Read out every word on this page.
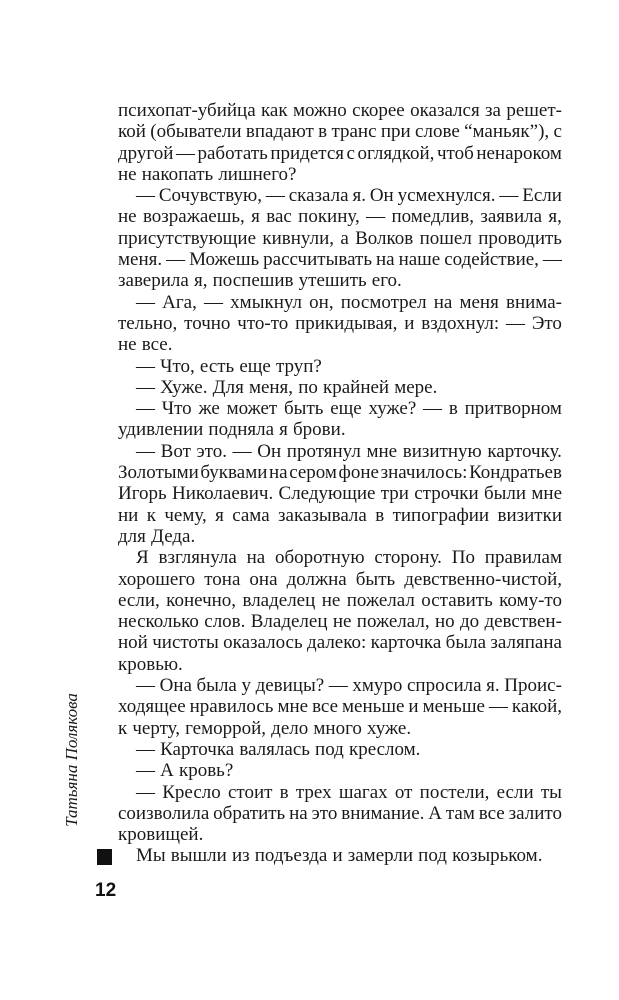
психопат-убийца как можно скорее оказался за решет-
кой (обыватели впадают в транс при слове “маньяк”), с
другой — работать придется с оглядкой, чтоб ненароком
не накопать лишнего?
— Сочувствую, — сказала я. Он усмехнулся. — Если
не возражаешь, я вас покину, — помедлив, заявила я,
присутствующие кивнули, а Волков пошел проводить
меня. — Можешь рассчитывать на наше содействие, —
заверила я, поспешив утешить его.
— Ага, — хмыкнул он, посмотрел на меня внима-
тельно, точно что-то прикидывая, и вздохнул: — Это
не все.
— Что, есть еще труп?
— Хуже. Для меня, по крайней мере.
— Что же может быть еще хуже? — в притворном
удивлении подняла я брови.
— Вот это. — Он протянул мне визитную карточку.
Золотыми буквами на сером фоне значилось: Кондратьев
Игорь Николаевич. Следующие три строчки были мне
ни к чему, я сама заказывала в типографии визитки
для Деда.
Я взглянула на оборотную сторону. По правилам
хорошего тона она должна быть девственно-чистой,
если, конечно, владелец не пожелал оставить кому-то
несколько слов. Владелец не пожелал, но до девствен-
ной чистоты оказалось далеко: карточка была заляпана
кровью.
— Она была у девицы? — хмуро спросила я. Проис-
ходящее нравилось мне все меньше и меньше — какой,
к черту, геморрой, дело много хуже.
— Карточка валялась под креслом.
— А кровь?
— Кресло стоит в трех шагах от постели, если ты
соизволила обратить на это внимание. А там все залито
кровищей.
Мы вышли из подъезда и замерли под козырьком.
Татьяна Полякова
12
